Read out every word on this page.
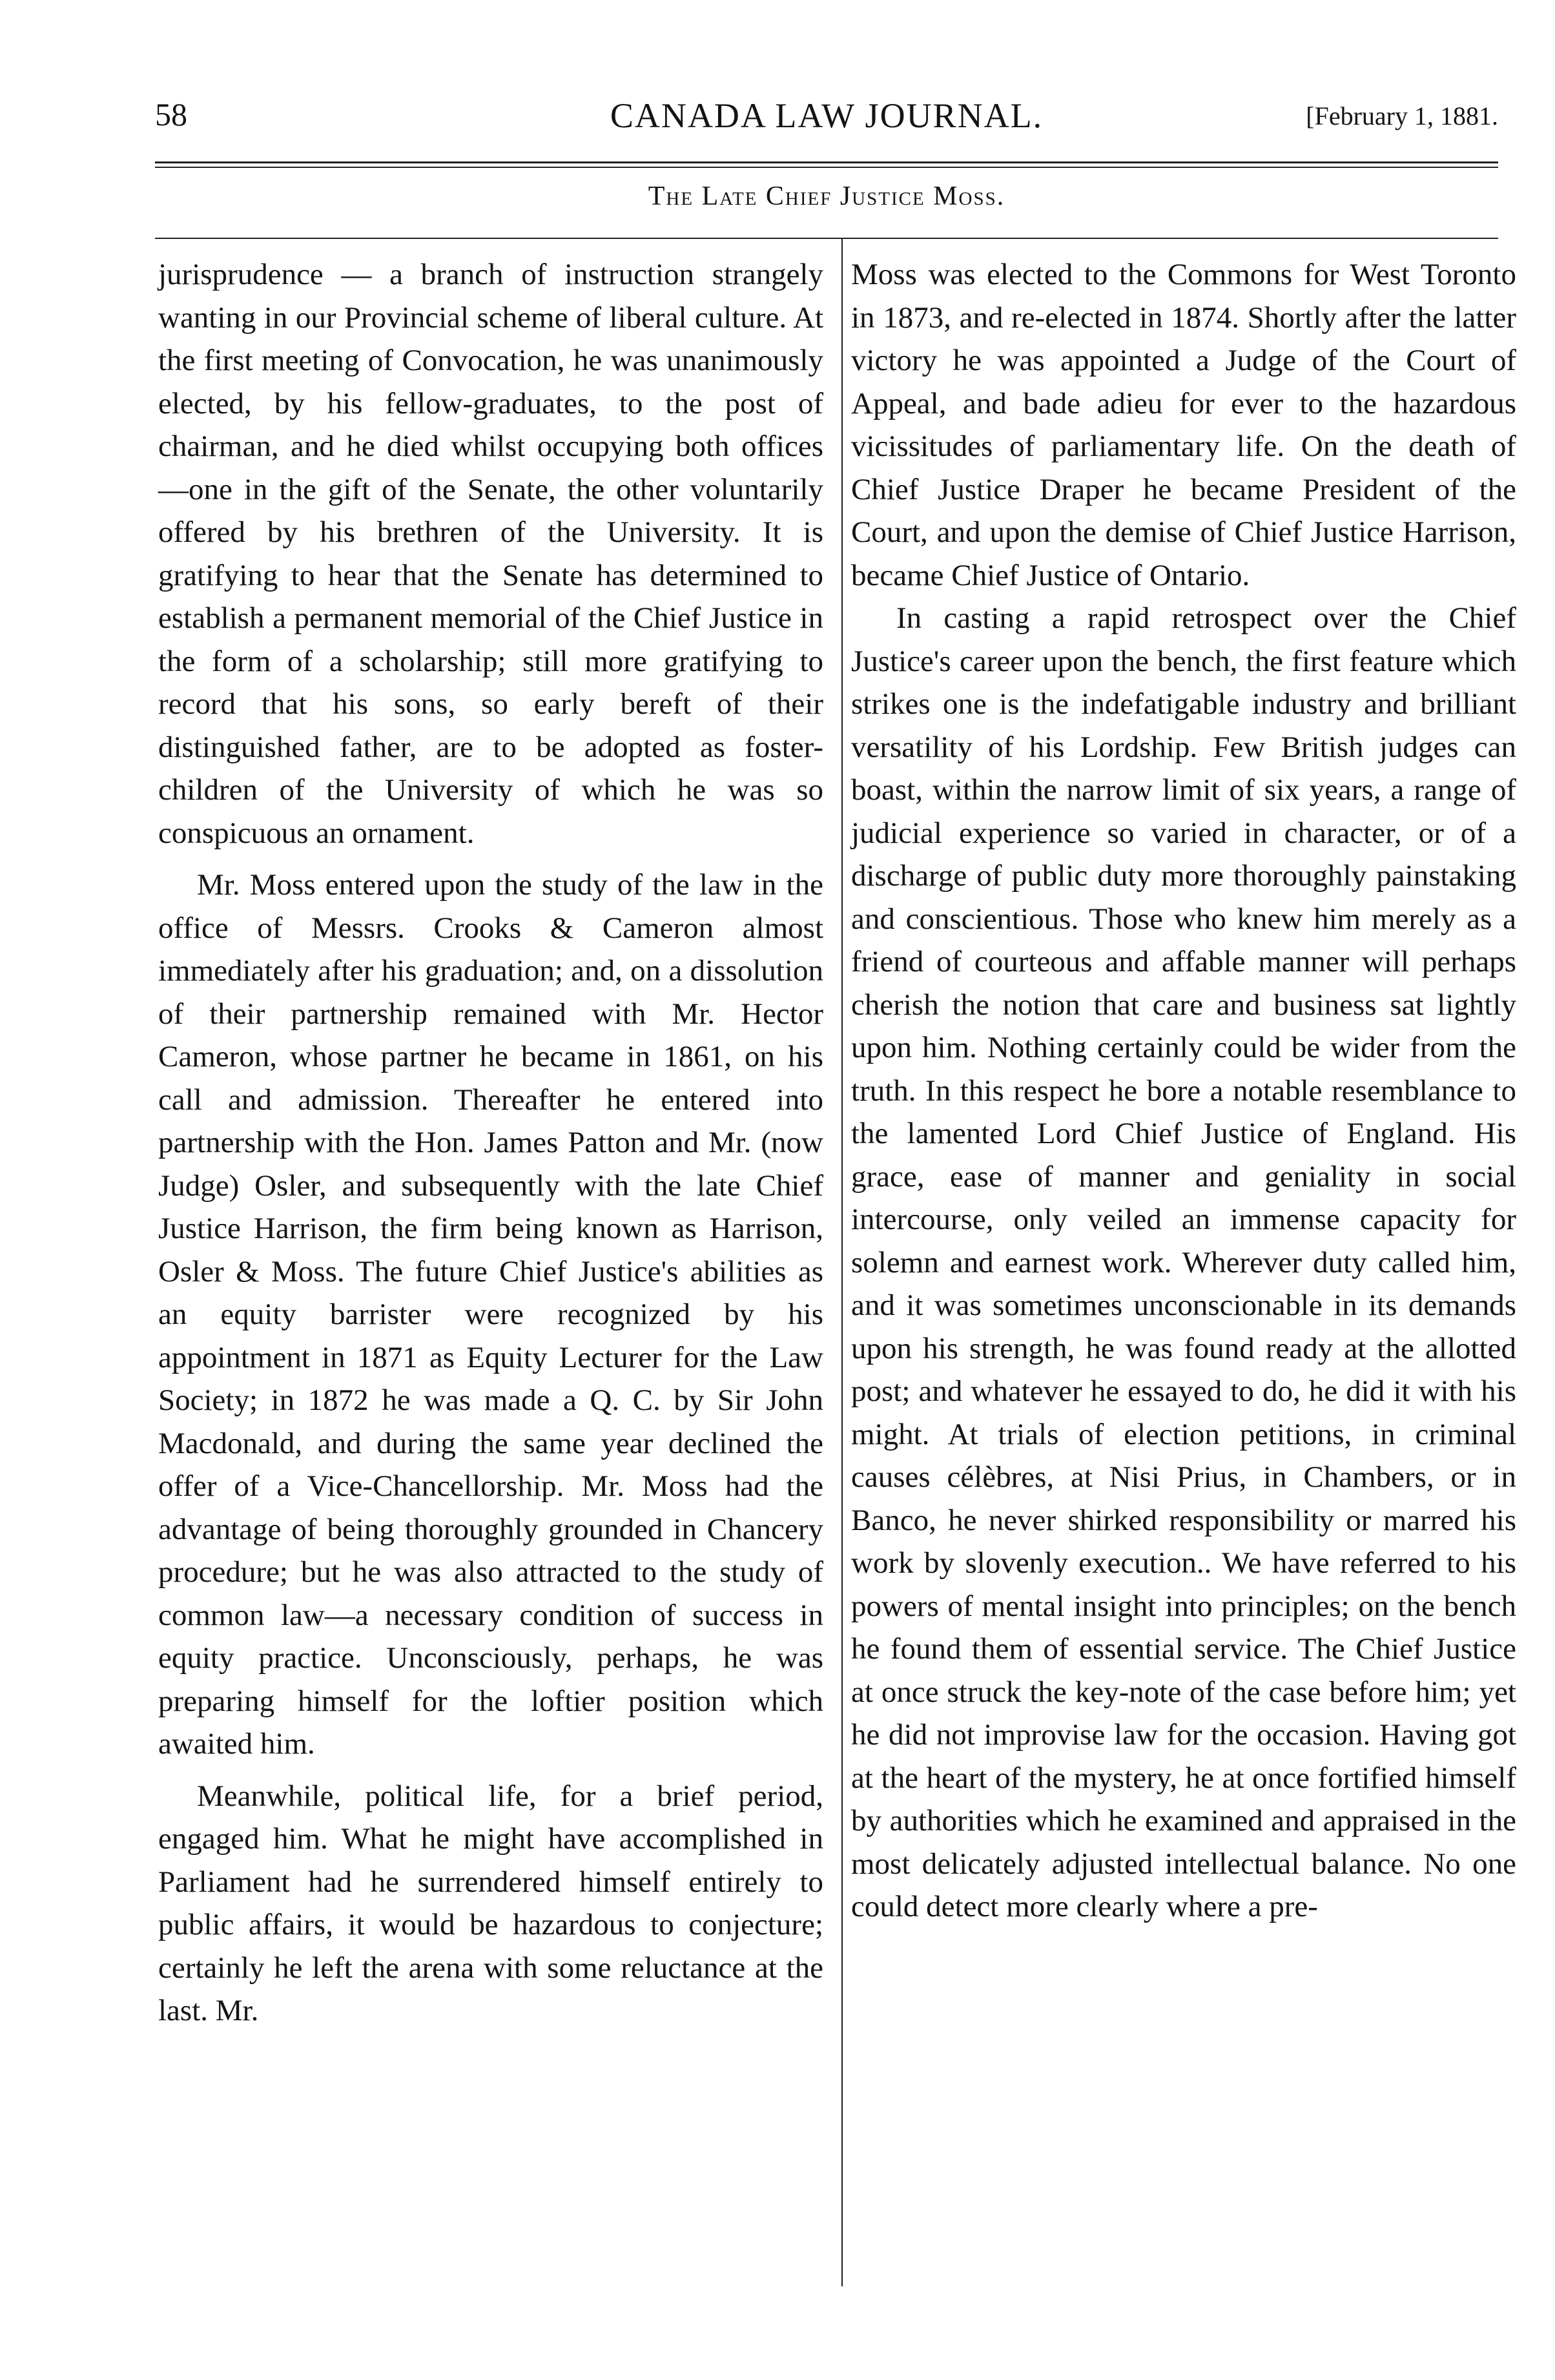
58	CANADA LAW JOURNAL.	[February 1, 1881.
The Late Chief Justice Moss.

jurisprudence — a branch of instruction strangely wanting in our Provincial scheme of liberal culture. At the first meeting of Convocation, he was unanimously elected, by his fellow-graduates, to the post of chairman, and he died whilst occupying both offices—one in the gift of the Senate, the other voluntarily offered by his brethren of the University. It is gratifying to hear that the Senate has determined to establish a permanent memorial of the Chief Justice in the form of a scholarship; still more gratifying to record that his sons, so early bereft of their distinguished father, are to be adopted as foster-children of the University of which he was so conspicuous an ornament.

Mr. Moss entered upon the study of the law in the office of Messrs. Crooks & Cameron almost immediately after his graduation; and, on a dissolution of their partnership remained with Mr. Hector Cameron, whose partner he became in 1861, on his call and admission. Thereafter he entered into partnership with the Hon. James Patton and Mr. (now Judge) Osler, and subsequently with the late Chief Justice Harrison, the firm being known as Harrison, Osler & Moss. The future Chief Justice's abilities as an equity barrister were recognized by his appointment in 1871 as Equity Lecturer for the Law Society; in 1872 he was made a Q. C. by Sir John Macdonald, and during the same year declined the offer of a Vice-Chancellorship. Mr. Moss had the advantage of being thoroughly grounded in Chancery procedure; but he was also attracted to the study of common law—a necessary condition of success in equity practice. Unconsciously, perhaps, he was preparing himself for the loftier position which awaited him.

Meanwhile, political life, for a brief period, engaged him. What he might have accomplished in Parliament had he surrendered himself entirely to public affairs, it would be hazardous to conjecture; certainly he left the arena with some reluctance at the last. Mr.

Moss was elected to the Commons for West Toronto in 1873, and re-elected in 1874. Shortly after the latter victory he was appointed a Judge of the Court of Appeal, and bade adieu for ever to the hazardous vicissitudes of parliamentary life. On the death of Chief Justice Draper he became President of the Court, and upon the demise of Chief Justice Harrison, became Chief Justice of Ontario.

In casting a rapid retrospect over the Chief Justice's career upon the bench, the first feature which strikes one is the indefatigable industry and brilliant versatility of his Lordship. Few British judges can boast, within the narrow limit of six years, a range of judicial experience so varied in character, or of a discharge of public duty more thoroughly painstaking and conscientious. Those who knew him merely as a friend of courteous and affable manner will perhaps cherish the notion that care and business sat lightly upon him. Nothing certainly could be wider from the truth. In this respect he bore a notable resemblance to the lamented Lord Chief Justice of England. His grace, ease of manner and geniality in social intercourse, only veiled an immense capacity for solemn and earnest work. Wherever duty called him, and it was sometimes unconscionable in its demands upon his strength, he was found ready at the allotted post; and whatever he essayed to do, he did it with his might. At trials of election petitions, in criminal causes célèbres, at Nisi Prius, in Chambers, or in Banco, he never shirked responsibility or marred his work by slovenly execution.. We have referred to his powers of mental insight into principles; on the bench he found them of essential service. The Chief Justice at once struck the key-note of the case before him; yet he did not improvise law for the occasion. Having got at the heart of the mystery, he at once fortified himself by authorities which he examined and appraised in the most delicately adjusted intellectual balance. No one could detect more clearly where a pre-
